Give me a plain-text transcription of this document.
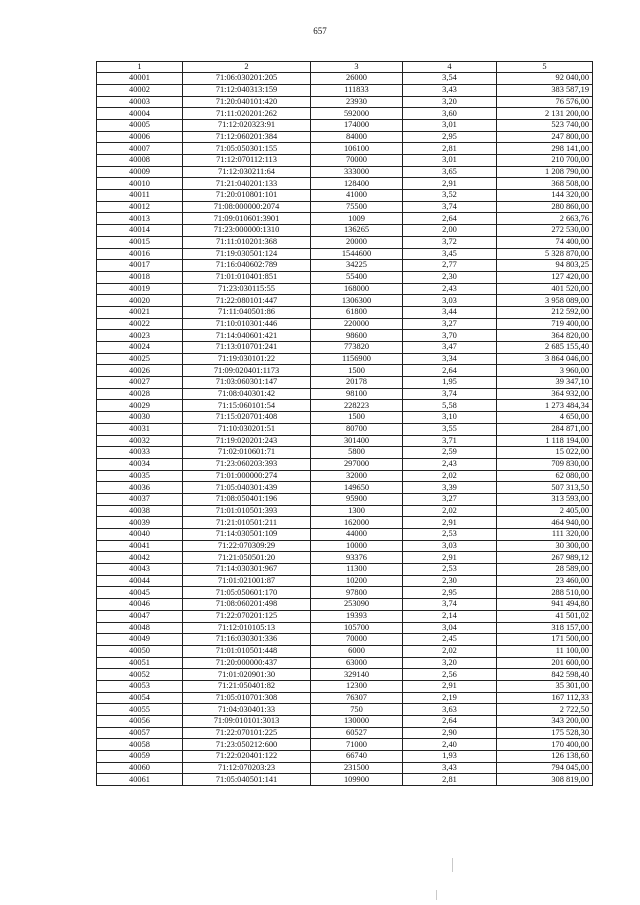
657
1	2	3	4	5
40001	71:06:030201:205	26000	3,54	92 040,00
40002	71:12:040313:159	111833	3,43	383 587,19
40003	71:20:040101:420	23930	3,20	76 576,00
40004	71:11:020201:262	592000	3,60	2 131 200,00
40005	71:12:020323:91	174000	3,01	523 740,00
40006	71:12:060201:384	84000	2,95	247 800,00
40007	71:05:050301:155	106100	2,81	298 141,00
40008	71:12:070112:113	70000	3,01	210 700,00
40009	71:12:030211:64	333000	3,65	1 208 790,00
40010	71:21:040201:133	128400	2,91	368 508,00
40011	71:20:010801:101	41000	3,52	144 320,00
40012	71:08:000000:2074	75500	3,74	280 860,00
40013	71:09:010601:3901	1009	2,64	2 663,76
40014	71:23:000000:1310	136265	2,00	272 530,00
40015	71:11:010201:368	20000	3,72	74 400,00
40016	71:19:030501:124	1544600	3,45	5 328 870,00
40017	71:16:040602:789	34225	2,77	94 803,25
40018	71:01:010401:851	55400	2,30	127 420,00
40019	71:23:030115:55	168000	2,43	401 520,00
40020	71:22:080101:447	1306300	3,03	3 958 089,00
40021	71:11:040501:86	61800	3,44	212 592,00
40022	71:10:010301:446	220000	3,27	719 400,00
40023	71:14:040601:421	98600	3,70	364 820,00
40024	71:13:010701:241	773820	3,47	2 685 155,40
40025	71:19:030101:22	1156900	3,34	3 864 046,00
40026	71:09:020401:1173	1500	2,64	3 960,00
40027	71:03:060301:147	20178	1,95	39 347,10
40028	71:08:040301:42	98100	3,74	364 932,00
40029	71:15:060101:54	228223	5,58	1 273 484,34
40030	71:15:020701:408	1500	3,10	4 650,00
40031	71:10:030201:51	80700	3,55	284 871,00
40032	71:19:020201:243	301400	3,71	1 118 194,00
40033	71:02:010601:71	5800	2,59	15 022,00
40034	71:23:060203:393	297000	2,43	709 830,00
40035	71:01:000000:274	32000	2,02	62 080,00
40036	71:05:040301:439	149650	3,39	507 313,50
40037	71:08:050401:196	95900	3,27	313 593,00
40038	71:01:010501:393	1300	2,02	2 405,00
40039	71:21:010501:211	162000	2,91	464 940,00
40040	71:14:030501:109	44000	2,53	111 320,00
40041	71:22:070309:29	10000	3,03	30 300,00
40042	71:21:050501:20	93376	2,91	267 989,12
40043	71:14:030301:967	11300	2,53	28 589,00
40044	71:01:021001:87	10200	2,30	23 460,00
40045	71:05:050601:170	97800	2,95	288 510,00
40046	71:08:060201:498	253090	3,74	941 494,80
40047	71:22:070201:125	19393	2,14	41 501,02
40048	71:12:010105:13	105700	3,04	318 157,00
40049	71:16:030301:336	70000	2,45	171 500,00
40050	71:01:010501:448	6000	2,02	11 100,00
40051	71:20:000000:437	63000	3,20	201 600,00
40052	71:01:020901:30	329140	2,56	842 598,40
40053	71:21:050401:82	12300	2,91	35 301,00
40054	71:05:010701:308	76307	2,19	167 112,33
40055	71:04:030401:33	750	3,63	2 722,50
40056	71:09:010101:3013	130000	2,64	343 200,00
40057	71:22:070101:225	60527	2,90	175 528,30
40058	71:23:050212:600	71000	2,40	170 400,00
40059	71:22:020401:122	66740	1,93	126 138,60
40060	71:12:070203:23	231500	3,43	794 045,00
40061	71:05:040501:141	109900	2,81	308 819,00
